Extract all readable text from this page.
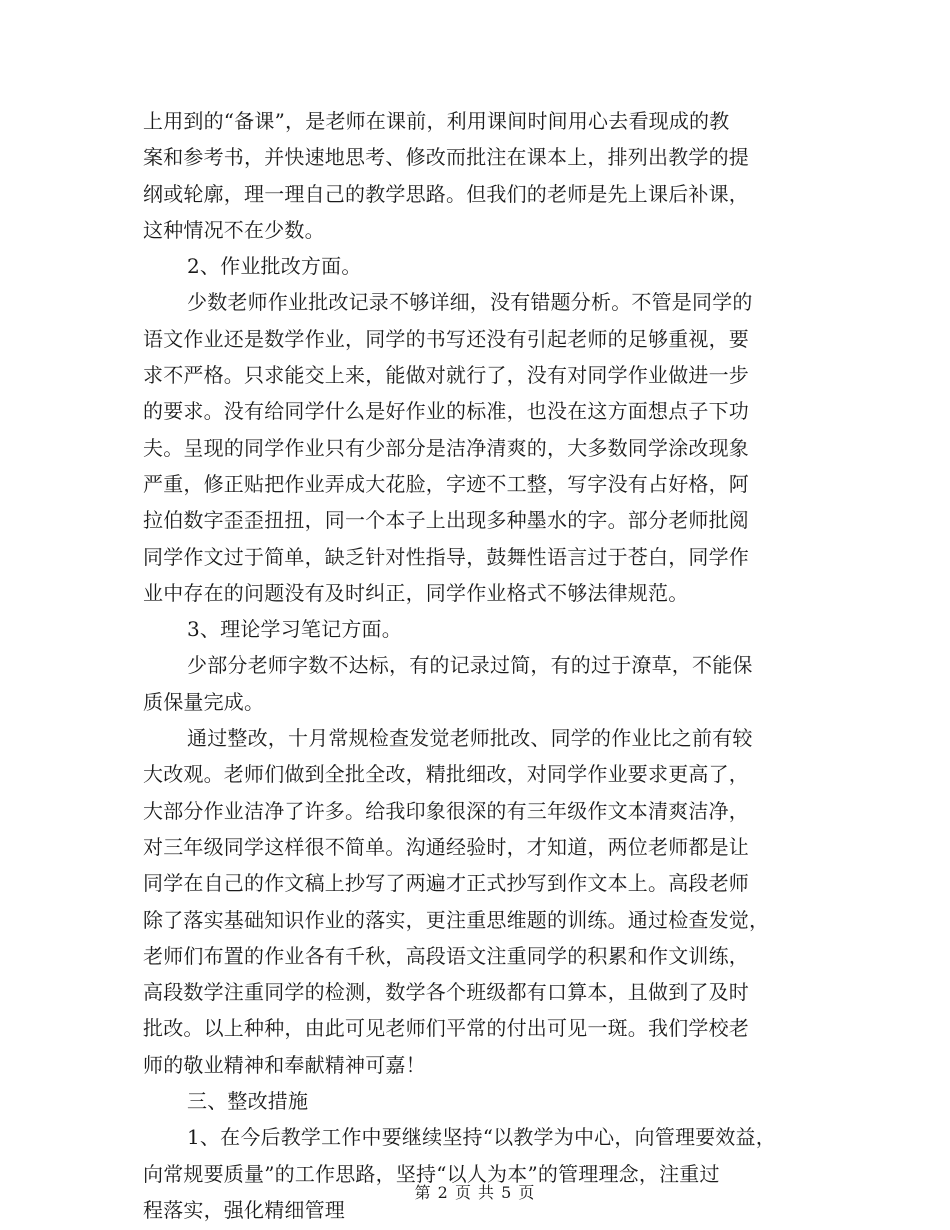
上用到的“备课”，是老师在课前，利用课间时间用心去看现成的教
案和参考书，并快速地思考、修改而批注在课本上，排列出教学的提
纲或轮廓，理一理自己的教学思路。但我们的老师是先上课后补课，
这种情况不在少数。
2、作业批改方面。
少数老师作业批改记录不够详细，没有错题分析。不管是同学的
语文作业还是数学作业，同学的书写还没有引起老师的足够重视，要
求不严格。只求能交上来，能做对就行了，没有对同学作业做进一步
的要求。没有给同学什么是好作业的标准，也没在这方面想点子下功
夫。呈现的同学作业只有少部分是洁净清爽的，大多数同学涂改现象
严重，修正贴把作业弄成大花脸，字迹不工整，写字没有占好格，阿
拉伯数字歪歪扭扭，同一个本子上出现多种墨水的字。部分老师批阅
同学作文过于简单，缺乏针对性指导，鼓舞性语言过于苍白，同学作
业中存在的问题没有及时纠正，同学作业格式不够法律规范。
3、理论学习笔记方面。
少部分老师字数不达标，有的记录过简，有的过于潦草，不能保
质保量完成。
通过整改，十月常规检查发觉老师批改、同学的作业比之前有较
大改观。老师们做到全批全改，精批细改，对同学作业要求更高了，
大部分作业洁净了许多。给我印象很深的有三年级作文本清爽洁净，
对三年级同学这样很不简单。沟通经验时，才知道，两位老师都是让
同学在自己的作文稿上抄写了两遍才正式抄写到作文本上。高段老师
除了落实基础知识作业的落实，更注重思维题的训练。通过检查发觉，
老师们布置的作业各有千秋，高段语文注重同学的积累和作文训练，
高段数学注重同学的检测，数学各个班级都有口算本，且做到了及时
批改。以上种种，由此可见老师们平常的付出可见一斑。我们学校老
师的敬业精神和奉献精神可嘉！
三、整改措施
1、在今后教学工作中要继续坚持“以教学为中心，向管理要效益，
向常规要质量”的工作思路，坚持“以人为本”的管理理念，注重过
程落实，强化精细管理
第 2 页 共 5 页
